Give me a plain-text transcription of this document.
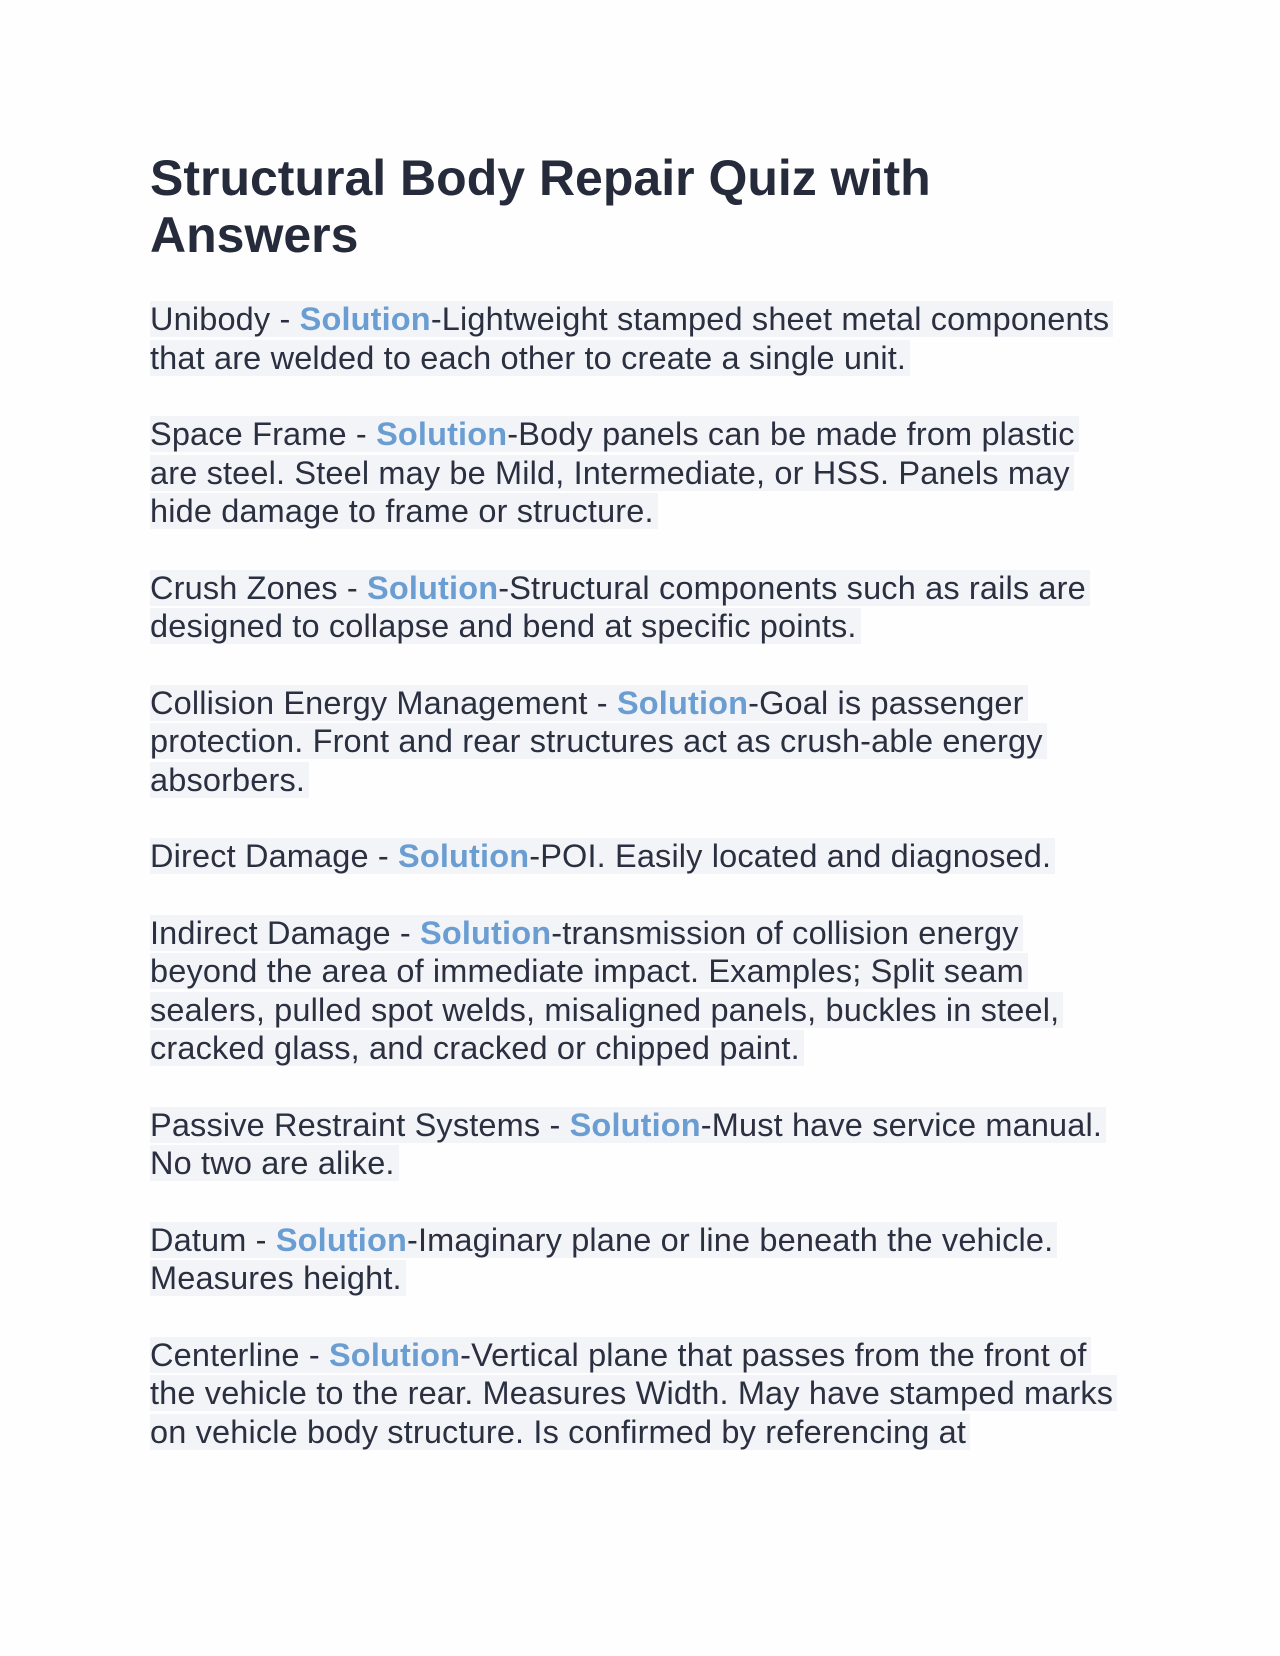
Structural Body Repair Quiz with Answers
Unibody - Solution-Lightweight stamped sheet metal components that are welded to each other to create a single unit.
Space Frame - Solution-Body panels can be made from plastic are steel. Steel may be Mild, Intermediate, or HSS. Panels may hide damage to frame or structure.
Crush Zones - Solution-Structural components such as rails are designed to collapse and bend at specific points.
Collision Energy Management - Solution-Goal is passenger protection. Front and rear structures act as crush-able energy absorbers.
Direct Damage - Solution-POI. Easily located and diagnosed.
Indirect Damage - Solution-transmission of collision energy beyond the area of immediate impact. Examples; Split seam sealers, pulled spot welds, misaligned panels, buckles in steel, cracked glass, and cracked or chipped paint.
Passive Restraint Systems - Solution-Must have service manual. No two are alike.
Datum - Solution-Imaginary plane or line beneath the vehicle. Measures height.
Centerline - Solution-Vertical plane that passes from the front of the vehicle to the rear. Measures Width. May have stamped marks on vehicle body structure. Is confirmed by referencing at
